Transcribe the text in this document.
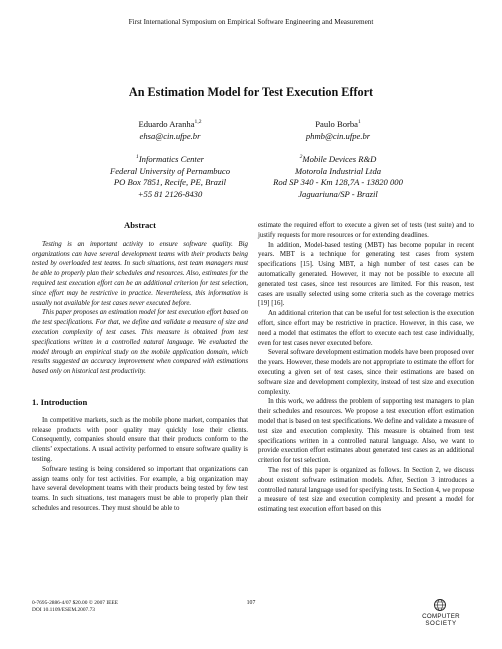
First International Symposium on Empirical Software Engineering and Measurement
An Estimation Model for Test Execution Effort
Eduardo Aranha$^{1,2}$
ehsa@cin.ufpe.br
Paulo Borba$^1$
phmb@cin.ufpe.br
$^1$Informatics Center
Federal University of Pernambuco
PO Box 7851, Recife, PE, Brazil
+55 81 2126-8430
$^2$Mobile Devices R&D
Motorola Industrial Ltda
Rod SP 340 - Km 128,7A - 13820 000
Jaguariuna/SP - Brazil
Abstract

Testing is an important activity to ensure software quality. Big organizations can have several development teams with their products being tested by overloaded test teams. In such situations, test team managers must be able to properly plan their schedules and resources. Also, estimates for the required test execution effort can be an additional criterion for test selection, since effort may be restrictive in practice. Nevertheless, this information is usually not available for test cases never executed before.

This paper proposes an estimation model for test execution effort based on the test specifications. For that, we define and validate a measure of size and execution complexity of test cases. This measure is obtained from test specifications written in a controlled natural language. We evaluated the model through an empirical study on the mobile application domain, which results suggested an accuracy improvement when compared with estimations based only on historical test productivity.

1. Introduction

In competitive markets, such as the mobile phone market, companies that release products with poor quality may quickly lose their clients. Consequently, companies should ensure that their products conform to the clients’ expectations. A usual activity performed to ensure software quality is testing.

Software testing is being considered so important that organizations can assign teams only for test activities. For example, a big organization may have several development teams with their products being tested by few test teams. In such situations, test managers must be able to properly plan their schedules and resources. They must should be able to

estimate the required effort to execute a given set of tests (test suite) and to justify requests for more resources or for extending deadlines.

In addition, Model-based testing (MBT) has become popular in recent years. MBT is a technique for generating test cases from system specifications [15]. Using MBT, a high number of test cases can be automatically generated. However, it may not be possible to execute all generated test cases, since test resources are limited. For this reason, test cases are usually selected using some criteria such as the coverage metrics [19] [16].

An additional criterion that can be useful for test selection is the execution effort, since effort may be restrictive in practice. However, in this case, we need a model that estimates the effort to execute each test case individually, even for test cases never executed before.

Several software development estimation models have been proposed over the years. However, these models are not appropriate to estimate the effort for executing a given set of test cases, since their estimations are based on software size and development complexity, instead of test size and execution complexity.

In this work, we address the problem of supporting test managers to plan their schedules and resources. We propose a test execution effort estimation model that is based on test specifications. We define and validate a measure of test size and execution complexity. This measure is obtained from test specifications written in a controlled natural language. Also, we want to provide execution effort estimates about generated test cases as an additional criterion for test selection.

The rest of this paper is organized as follows. In Section 2, we discuss about existent software estimation models. After, Section 3 introduces a controlled natural language used for specifying tests. In Section 4, we propose a measure of test size and execution complexity and present a model for estimating test execution effort based on this

0-7695-2886-4/07 $20.00 © 2007 IEEE
DOI 10.1109/ESEM.2007.73
107
COMPUTER
SOCIETY
